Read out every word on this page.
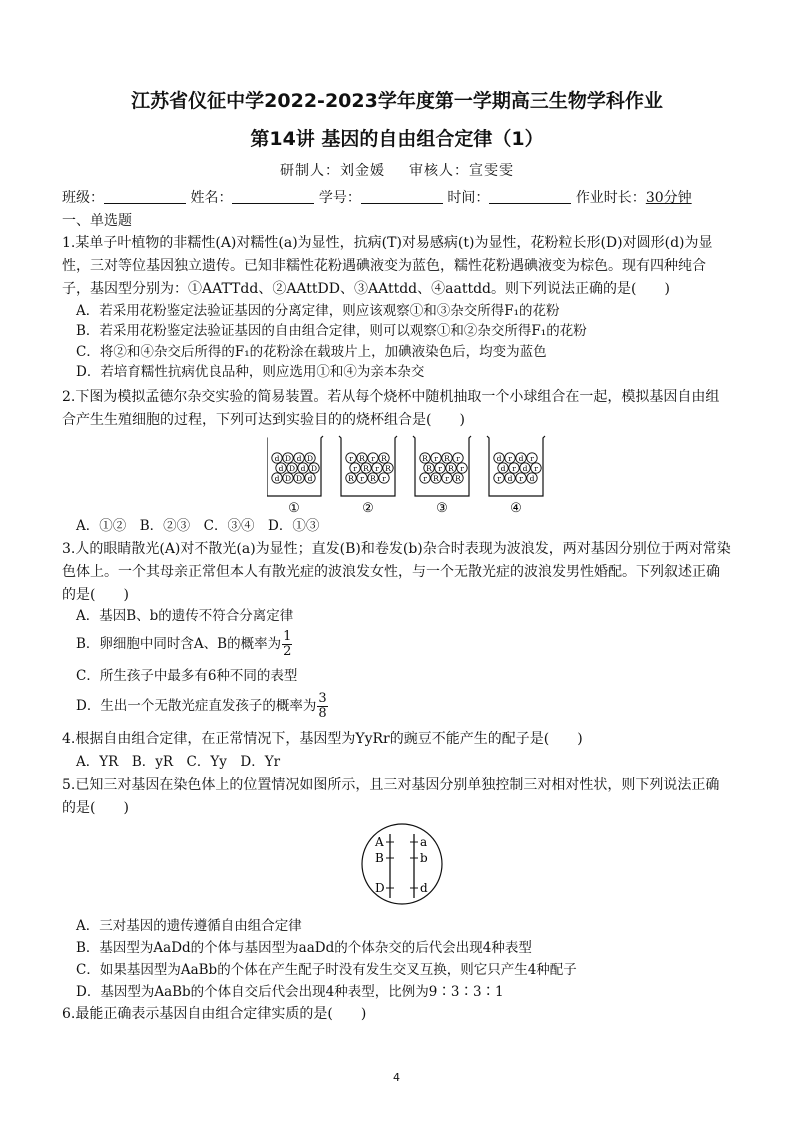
江苏省仪征中学2022-2023学年度第一学期高三生物学科作业
第14讲 基因的自由组合定律（1）
研制人：刘金媛 审核人：宣雯雯
班级：	姓名：	学号：	时间：	作业时长：30分钟
一、单选题
1.某单子叶植物的非糯性(A)对糯性(a)为显性，抗病(T)对易感病(t)为显性，花粉粒长形(D)对圆形(d)为显性，三对等位基因独立遗传。已知非糯性花粉遇碘液变为蓝色，糯性花粉遇碘液变为棕色。现有四种纯合子，基因型分别为：①AATTdd、②AAttDD、③AAttdd、④aattdd。则下列说法正确的是(　　)
A．若采用花粉鉴定法验证基因的分离定律，则应该观察①和③杂交所得F₁的花粉
B．若采用花粉鉴定法验证基因的自由组合定律，则可以观察①和②杂交所得F₁的花粉
C．将②和④杂交后所得的F₁的花粉涂在载玻片上，加碘液染色后，均变为蓝色
D．若培育糯性抗病优良品种，则应选用①和④为亲本杂交
2.下图为模拟孟德尔杂交实验的简易装置。若从每个烧杯中随机抽取一个小球组合在一起，模拟基因自由组合产生生殖细胞的过程，下列可达到实验目的的烧杯组合是(　　)
d D d D
d D d D
d D D d
①
r R r R
r R r R
R r R r
②
R r R r
R r R r
r R r R
③
d r d r
d r d r
r d r d
④
A．①②　B．②③　C．③④　D．①③
3.人的眼睛散光(A)对不散光(a)为显性；直发(B)和卷发(b)杂合时表现为波浪发，两对基因分别位于两对常染色体上。一个其母亲正常但本人有散光症的波浪发女性，与一个无散光症的波浪发男性婚配。下列叙述正确的是(　　)
A．基因B、b的遗传不符合分离定律
B．卵细胞中同时含A、B的概率为 $\frac{1}{2}$
C．所生孩子中最多有6种不同的表型
D．生出一个无散光症直发孩子的概率为 $\frac{3}{8}$
4.根据自由组合定律，在正常情况下，基因型为YyRr的豌豆不能产生的配子是(　　)
A．YR　B．yR　C．Yy　D．Yr
5.已知三对基因在染色体上的位置情况如图所示，且三对基因分别单独控制三对相对性状，则下列说法正确的是(　　)
A
B
D
a
b
d
A．三对基因的遗传遵循自由组合定律
B．基因型为AaDd的个体与基因型为aaDd的个体杂交的后代会出现4种表型
C．如果基因型为AaBb的个体在产生配子时没有发生交叉互换，则它只产生4种配子
D．基因型为AaBb的个体自交后代会出现4种表型，比例为9∶3∶3∶1
6.最能正确表示基因自由组合定律实质的是(　　)
4
